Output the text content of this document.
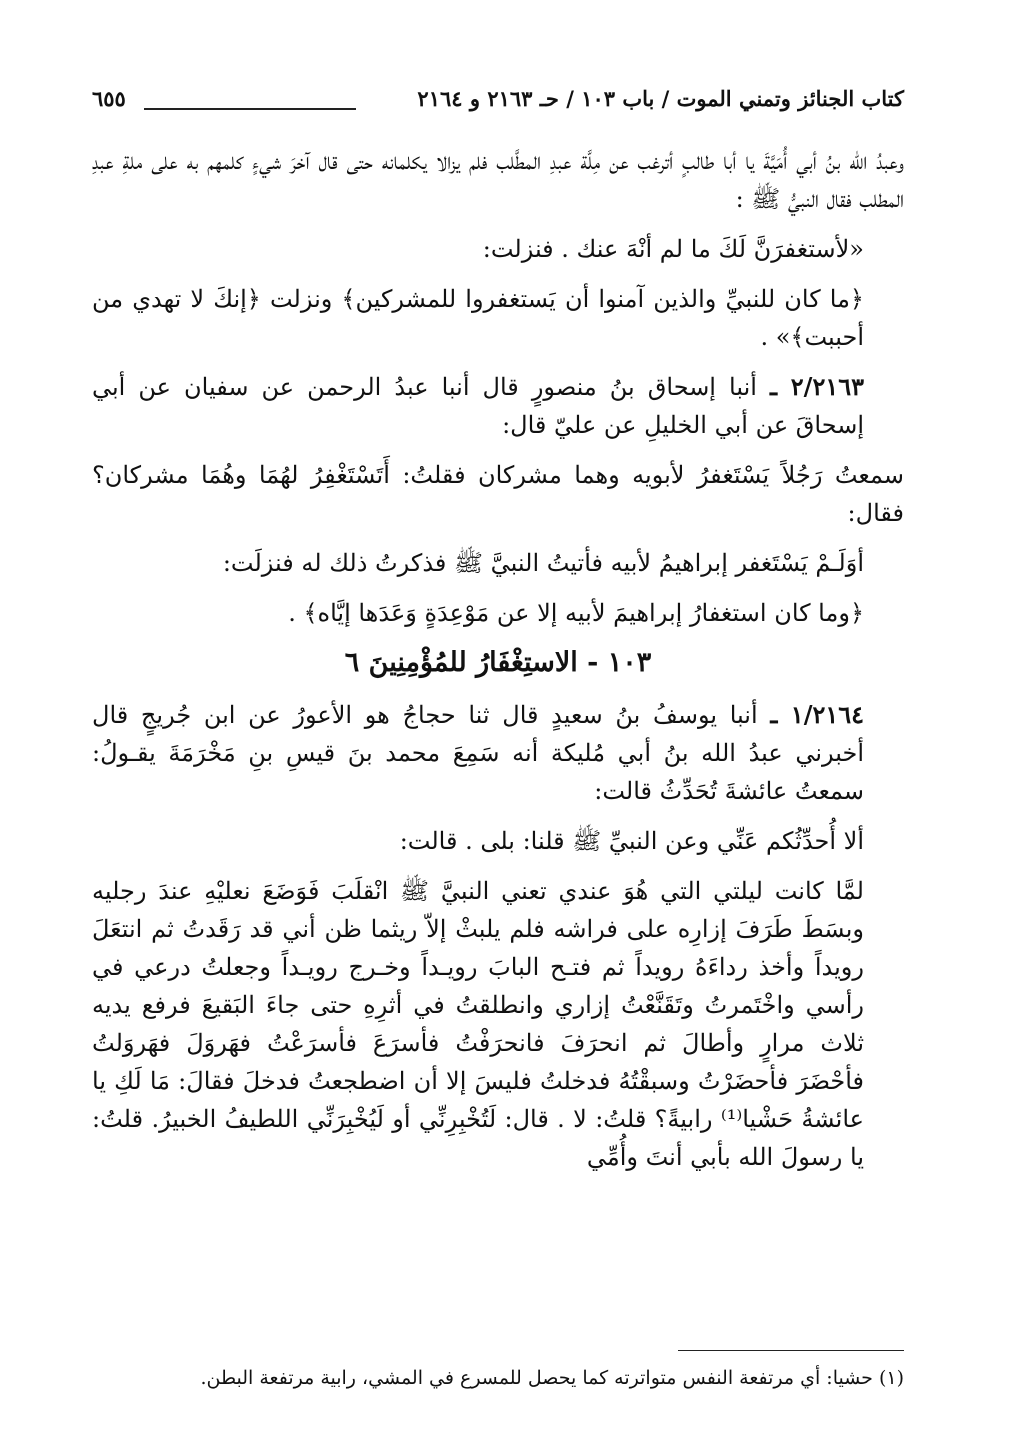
كتاب الجنائز وتمني الموت / باب ١٠٣ / حـ ٢١٦٣ و ٢١٦٤
٦٥٥

وعبدُ الله بنُ أبي أُمَيَّةَ يا أبا طالبٍ أترغب عن مِلَّة عبدِ المطَّلب فلم يزالا يكلمانه حتى قال آخرَ شيءٍ كلمهم به على ملةِ عبدِ المطلب فقال النبيُّ ﷺ :

«لأستغفرَنَّ لَكَ ما لم أنْهَ عنك . فنزلت:

﴿ما كان للنبيِّ والذين آمنوا أن يَستغفروا للمشركين﴾ ونزلت ﴿إنكَ لا تهدي من أحببت﴾» .

٢/٢١٦٣ ـ أنبا إسحاق بنُ منصورٍ قال أنبا عبدُ الرحمن عن سفيان عن أبي إسحاقَ عن أبي الخليلِ عن عليّ قال:

سمعتُ رَجُلاً يَسْتَغفرُ لأبويه وهما مشركان فقلتُ: أَتَسْتَغْفِرُ لهُمَا وهُمَا مشركان؟ فقال:

أوَلَـمْ يَسْتَغفر إبراهيمُ لأبيه فأتيتُ النبيَّ ﷺ فذكرتُ ذلك له فنزلَت:

﴿وما كان استغفارُ إبراهيمَ لأبيه إلا عن مَوْعِدَةٍ وَعَدَها إيَّاه﴾ .

١٠٣ - الاستِغْفَارُ للمُؤْمِنِينَ ٦

١/٢١٦٤ ـ أنبا يوسفُ بنُ سعيدٍ قال ثنا حجاجُ هو الأعورُ عن ابن جُريجٍ قال أخبرني عبدُ الله بنُ أبي مُليكة أنه سَمِعَ محمد بنَ قيسِ بنِ مَخْرَمَةَ يقـولُ: سمعتُ عائشةَ تُحَدِّثُ قالت:

ألا أُحدِّثُكم عَنِّي وعن النبيِّ ﷺ قلنا: بلى . قالت:

لمَّا كانت ليلتي التي هُوَ عندي تعني النبيَّ ﷺ انْقلَبَ فَوَضَعَ نعليْهِ عندَ رجليه وبسَطَ طَرَفَ إزارِه على فراشه فلم يلبثْ إلاّ ريثما ظن أني قد رَقَدتُ ثم انتعَلَ رويداً وأخذ رداءَهُ رويداً ثم فتـح البابَ رويـداً وخـرج رويـداً وجعلتُ درعي في رأسي واخْتَمرتُ وتَقَنَّعْتُ إزاري وانطلقتُ في أثرِهِ حتى جاءَ البَقيعَ فرفع يديه ثلاث مرارٍ وأطالَ ثم انحرَفَ فانحرَفْتُ فأسرَعَ فأسرَعْتُ فهَروَلَ فهَروَلتُ فأحْضَرَ فأحضَرْتُ وسبقْتُهُ فدخلتُ فليسَ إلا أن اضطجعتُ فدخلَ فقالَ: مَا لَكِ يا عائشةُ حَشْيا⁽¹⁾ رابيةً؟ قلتُ: لا . قال: لَتُخْبِرِنِّي أو لَيُخْبِرَنِّي اللطيفُ الخبيرُ. قلتُ: يا رسولَ الله بأبي أنتَ وأُمِّي

(١) حشيا: أي مرتفعة النفس متواترته كما يحصل للمسرع في المشي، رابية مرتفعة البطن.
